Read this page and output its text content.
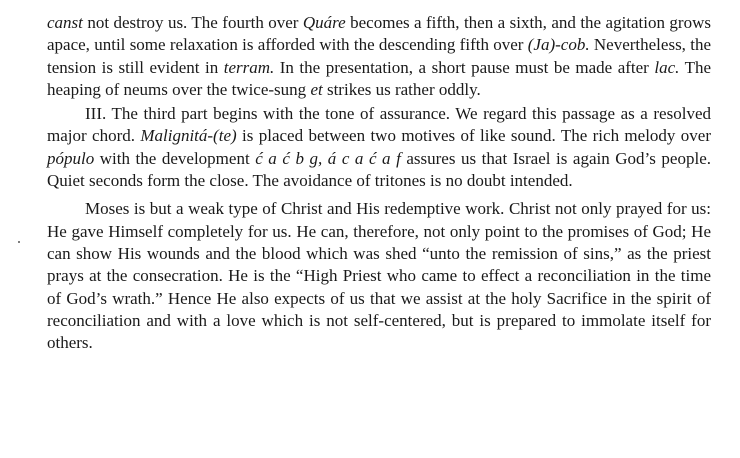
canst not destroy us. The fourth over Quáre becomes a fifth, then a sixth, and the agitation grows apace, until some relaxation is afforded with the descending fifth over (Ja)-cob. Nevertheless, the tension is still evident in terram. In the presentation, a short pause must be made after lac. The heaping of neums over the twice-sung et strikes us rather oddly.

III. The third part begins with the tone of assurance. We regard this passage as a resolved major chord. Malignitá-(te) is placed between two motives of like sound. The rich melody over pópulo with the development ć a ć b g, á c a ć a f assures us that Israel is again God’s people. Quiet seconds form the close. The avoidance of tritones is no doubt intended.

Moses is but a weak type of Christ and His redemptive work. Christ not only prayed for us: He gave Himself completely for us. He can, therefore, not only point to the promises of God; He can show His wounds and the blood which was shed “unto the remission of sins,” as the priest prays at the consecration. He is the “High Priest who came to effect a reconciliation in the time of God’s wrath.” Hence He also expects of us that we assist at the holy Sacrifice in the spirit of reconciliation and with a love which is not self-centered, but is prepared to immolate itself for others.
